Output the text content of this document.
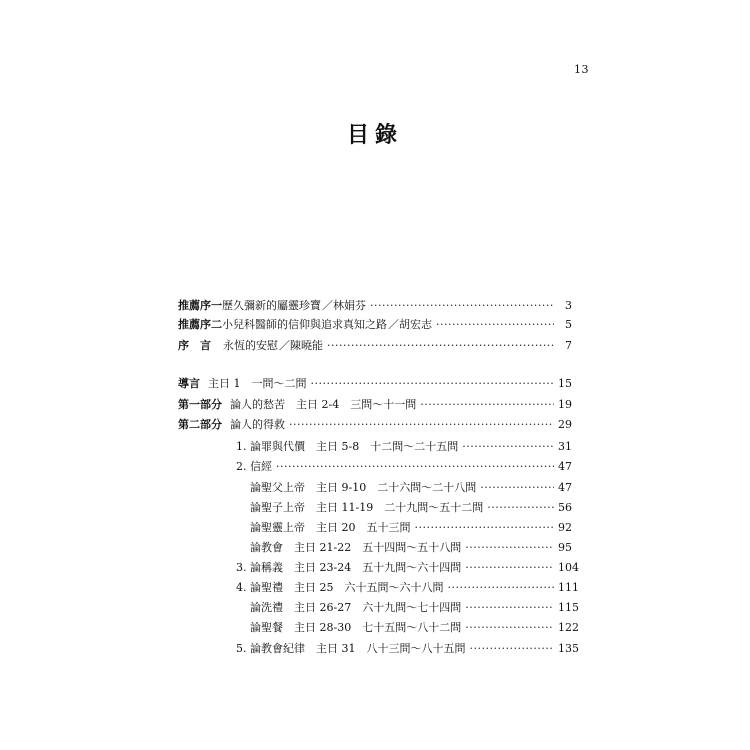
13
目錄
推薦序一 歷久彌新的屬靈珍寶 ／林娟芬 ·····	3
推薦序二 小兒科醫師的信仰與追求真知之路 ／胡宏志 ·····	5
序　言 永恆的安慰 ／陳曉能 ·····	7
導言 主日 1　一問～二問 ·····	15
第一部分 論人的愁苦　主日 2-4　三問～十一問 ·····	19
第二部分 論人的得救 ·····	29
1. 論罪與代價　主日 5-8　十二問～二十五問 ·····	31
2. 信經 ·····	47
論聖父上帝　主日 9-10　二十六問～二十八問 ·····	47
論聖子上帝　主日 11-19　二十九問～五十二問 ·····	56
論聖靈上帝　主日 20　五十三問 ·····	92
論教會　主日 21-22　五十四問～五十八問 ·····	95
3. 論稱義　主日 23-24　五十九問～六十四問 ·····	104
4. 論聖禮　主日 25　六十五問～六十八問 ·····	111
論洗禮　主日 26-27　六十九問～七十四問 ·····	115
論聖餐　主日 28-30　七十五問～八十二問 ·····	122
5. 論教會紀律　主日 31　八十三問～八十五問 ·····	135
